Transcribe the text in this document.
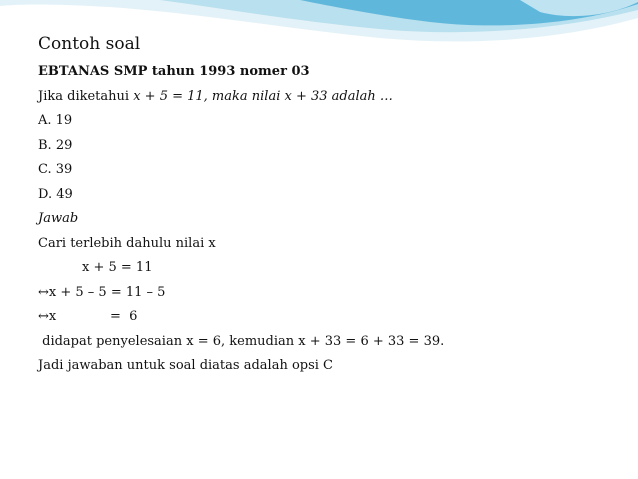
Contoh soal
EBTANAS SMP tahun 1993 nomer 03
Jika diketahui x + 5 = 11, maka nilai x + 33 adalah …
A. 19
B. 29
C. 39
D. 49
Jawab
Cari terlebih dahulu nilai x
x + 5 = 11
↔x + 5 – 5 = 11 – 5
↔x             =  6
didapat penyelesaian x = 6, kemudian x + 33 = 6 + 33 = 39.
Jadi jawaban untuk soal diatas adalah opsi C
